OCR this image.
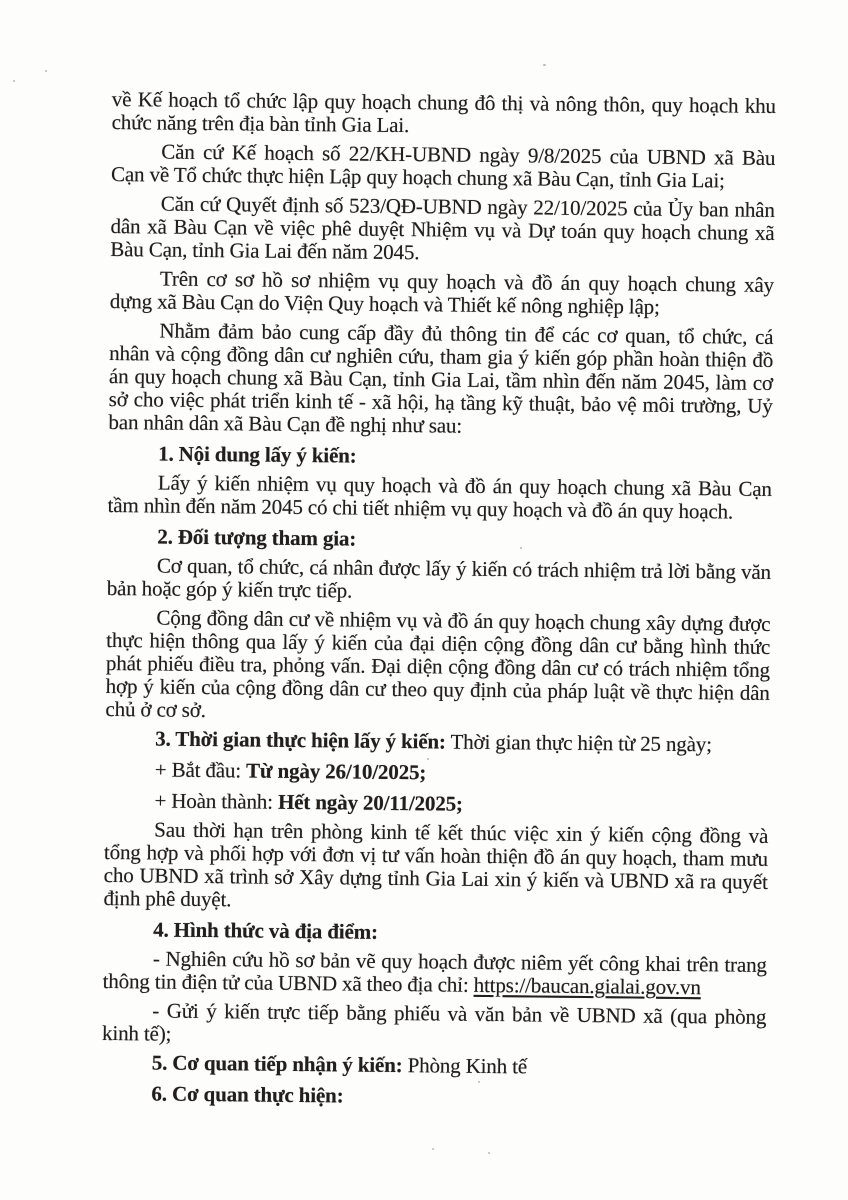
về Kế hoạch tổ chức lập quy hoạch chung đô thị và nông thôn, quy hoạch khu chức năng trên địa bàn tỉnh Gia Lai.

Căn cứ Kế hoạch số 22/KH-UBND ngày 9/8/2025 của UBND xã Bàu Cạn về Tổ chức thực hiện Lập quy hoạch chung xã Bàu Cạn, tỉnh Gia Lai;

Căn cứ Quyết định số 523/QĐ-UBND ngày 22/10/2025 của Ủy ban nhân dân xã Bàu Cạn về việc phê duyệt Nhiệm vụ và Dự toán quy hoạch chung xã Bàu Cạn, tỉnh Gia Lai đến năm 2045.

Trên cơ sơ hồ sơ nhiệm vụ quy hoạch và đồ án quy hoạch chung xây dựng xã Bàu Cạn do Viện Quy hoạch và Thiết kế nông nghiệp lập;

Nhằm đảm bảo cung cấp đầy đủ thông tin để các cơ quan, tổ chức, cá nhân và cộng đồng dân cư nghiên cứu, tham gia ý kiến góp phần hoàn thiện đồ án quy hoạch chung xã Bàu Cạn, tỉnh Gia Lai, tầm nhìn đến năm 2045, làm cơ sở cho việc phát triển kinh tế - xã hội, hạ tầng kỹ thuật, bảo vệ môi trường, Uỷ ban nhân dân xã Bàu Cạn đề nghị như sau:

1. Nội dung lấy ý kiến:

Lấy ý kiến nhiệm vụ quy hoạch và đồ án quy hoạch chung xã Bàu Cạn tầm nhìn đến năm 2045 có chi tiết nhiệm vụ quy hoạch và đồ án quy hoạch.

2. Đối tượng tham gia:

Cơ quan, tổ chức, cá nhân được lấy ý kiến có trách nhiệm trả lời bằng văn bản hoặc góp ý kiến trực tiếp.

Cộng đồng dân cư về nhiệm vụ và đồ án quy hoạch chung xây dựng được thực hiện thông qua lấy ý kiến của đại diện cộng đồng dân cư bằng hình thức phát phiếu điều tra, phỏng vấn. Đại diện cộng đồng dân cư có trách nhiệm tổng hợp ý kiến của cộng đồng dân cư theo quy định của pháp luật về thực hiện dân chủ ở cơ sở.

3. Thời gian thực hiện lấy ý kiến: Thời gian thực hiện từ 25 ngày;

+ Bắt đầu: Từ ngày 26/10/2025;

+ Hoàn thành: Hết ngày 20/11/2025;

Sau thời hạn trên phòng kinh tế kết thúc việc xin ý kiến cộng đồng và tổng hợp và phối hợp với đơn vị tư vấn hoàn thiện đồ án quy hoạch, tham mưu cho UBND xã trình sở Xây dựng tỉnh Gia Lai xin ý kiến và UBND xã ra quyết định phê duyệt.

4. Hình thức và địa điểm:

- Nghiên cứu hồ sơ bản vẽ quy hoạch được niêm yết công khai trên trang thông tin điện tử của UBND xã theo địa chỉ: https://baucan.gialai.gov.vn

- Gửi ý kiến trực tiếp bằng phiếu và văn bản về UBND xã (qua phòng kinh tế);

5. Cơ quan tiếp nhận ý kiến: Phòng Kinh tế

6. Cơ quan thực hiện:
